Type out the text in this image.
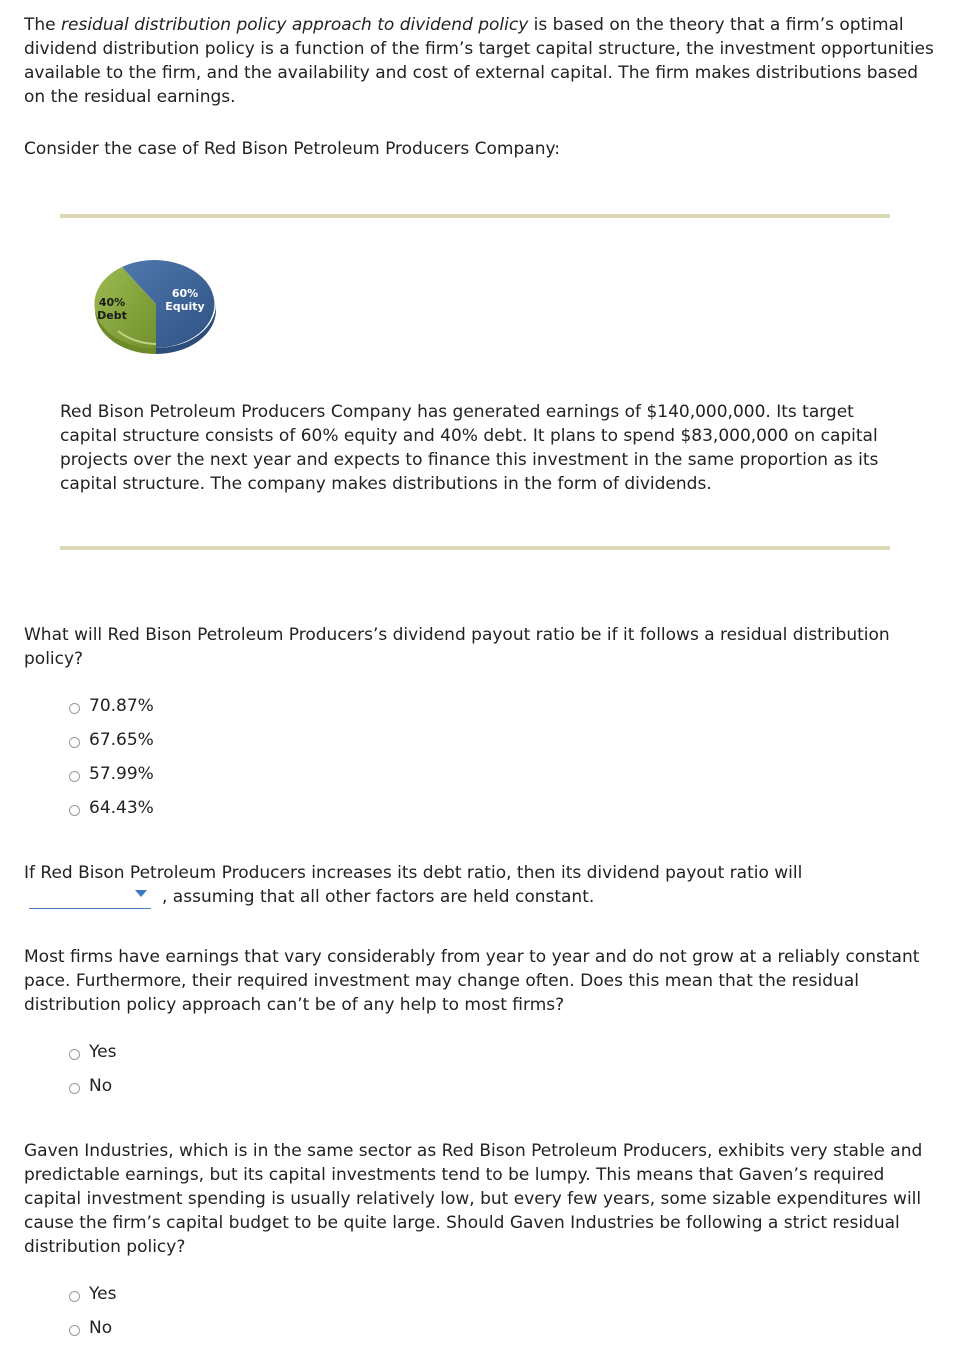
The residual distribution policy approach to dividend policy is based on the theory that a firm’s optimal dividend distribution policy is a function of the firm’s target capital structure, the investment opportunities available to the firm, and the availability and cost of external capital. The firm makes distributions based on the residual earnings.

Consider the case of Red Bison Petroleum Producers Company:

40%
Debt
60%
Equity

Red Bison Petroleum Producers Company has generated earnings of $140,000,000. Its target capital structure consists of 60% equity and 40% debt. It plans to spend $83,000,000 on capital projects over the next year and expects to finance this investment in the same proportion as its capital structure. The company makes distributions in the form of dividends.

What will Red Bison Petroleum Producers’s dividend payout ratio be if it follows a residual distribution policy?

70.87%
67.65%
57.99%
64.43%

If Red Bison Petroleum Producers increases its debt ratio, then its dividend payout ratio will

, assuming that all other factors are held constant.

Most firms have earnings that vary considerably from year to year and do not grow at a reliably constant pace. Furthermore, their required investment may change often. Does this mean that the residual distribution policy approach can’t be of any help to most firms?

Yes
No

Gaven Industries, which is in the same sector as Red Bison Petroleum Producers, exhibits very stable and predictable earnings, but its capital investments tend to be lumpy. This means that Gaven’s required capital investment spending is usually relatively low, but every few years, some sizable expenditures will cause the firm’s capital budget to be quite large. Should Gaven Industries be following a strict residual distribution policy?

Yes
No
